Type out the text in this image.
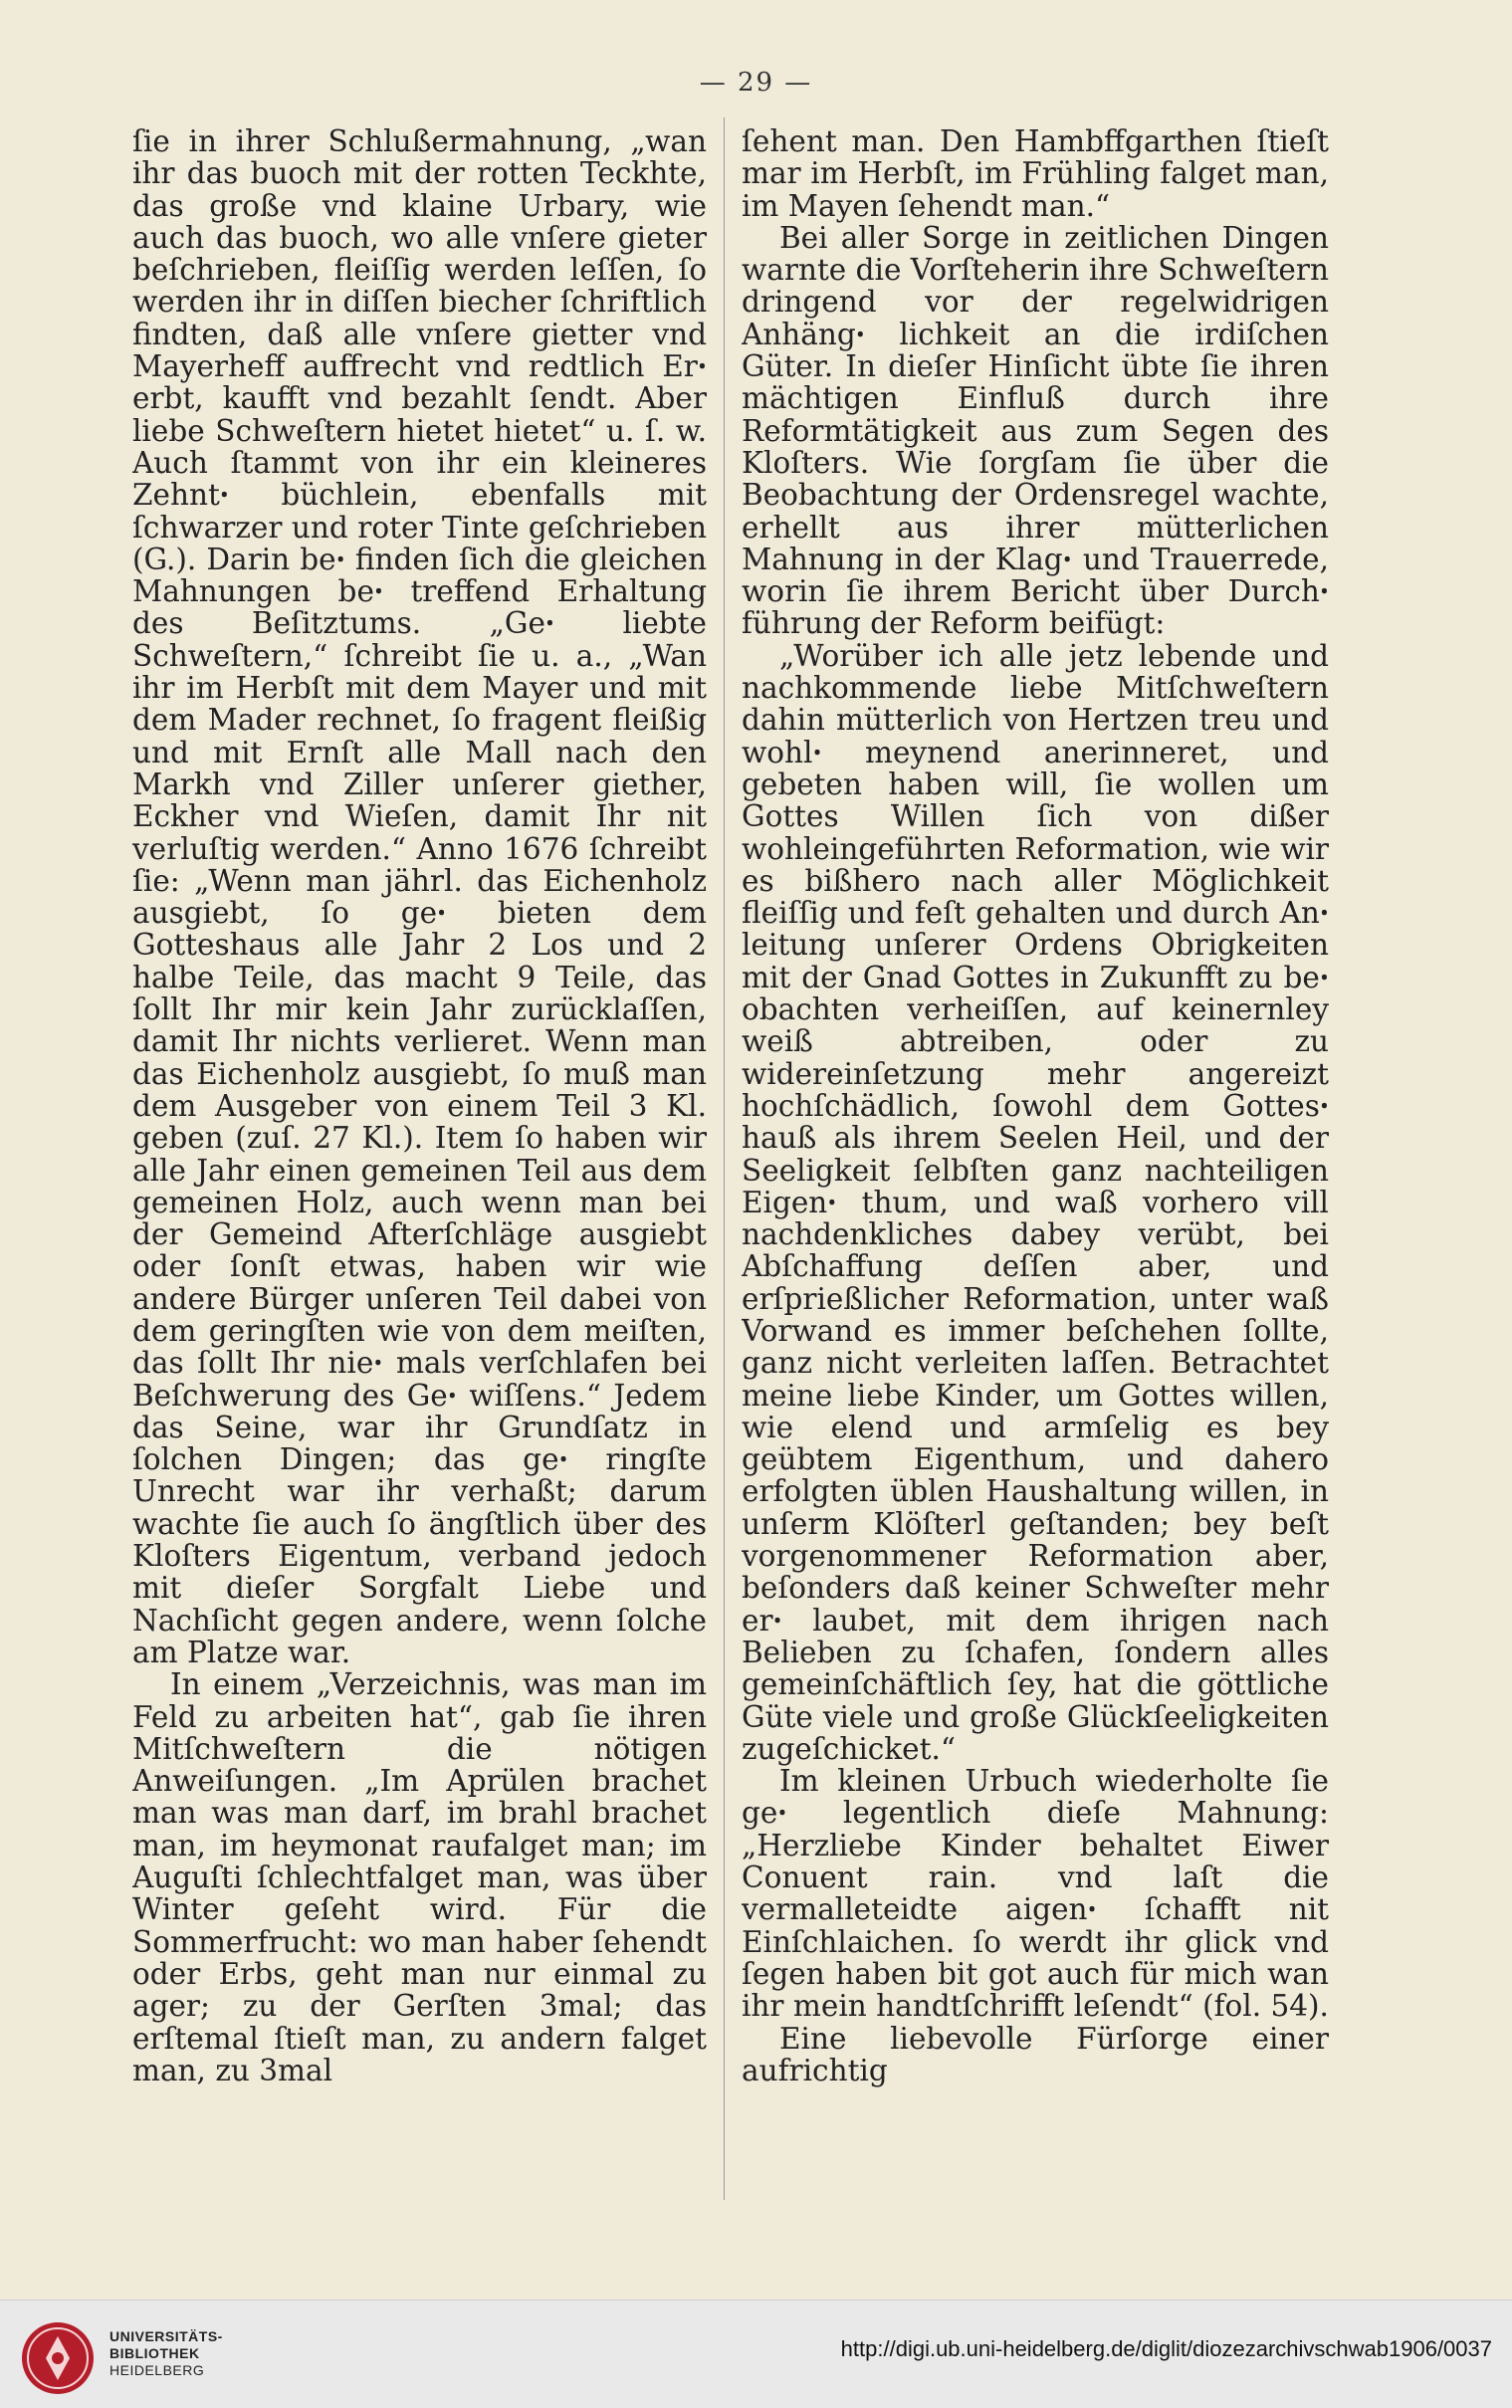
— 29 —

ſie in ihrer Schlußermahnung, „wan ihr das buoch mit der rotten Teckhte, das große vnd klaine Urbary, wie auch das buoch, wo alle vnſere gieter beſchrieben, fleiſſig werden leſſen, ſo werden ihr in diſſen biecher ſchriftlich findten, daß alle vnſere gietter vnd Mayerheff auffrecht vnd redtlich Erꞏ erbt, kaufft vnd bezahlt ſendt. Aber liebe Schweſtern hietet hietet“ u. ſ. w. Auch ſtammt von ihr ein kleineres Zehntꞏ büchlein, ebenfalls mit ſchwarzer und roter Tinte geſchrieben (G.). Darin beꞏ finden ſich die gleichen Mahnungen beꞏ treffend Erhaltung des Beſitztums. „Geꞏ liebte Schweſtern,“ ſchreibt ſie u. a., „Wan ihr im Herbſt mit dem Mayer und mit dem Mader rechnet, ſo fragent fleißig und mit Ernſt alle Mall nach den Markh vnd Ziller unſerer giether, Eckher vnd Wieſen, damit Ihr nit verluſtig werden.“ Anno 1676 ſchreibt ſie: „Wenn man jährl. das Eichenholz ausgiebt, ſo geꞏ bieten dem Gotteshaus alle Jahr 2 Los und 2 halbe Teile, das macht 9 Teile, das ſollt Ihr mir kein Jahr zurücklaſſen, damit Ihr nichts verlieret. Wenn man das Eichenholz ausgiebt, ſo muß man dem Ausgeber von einem Teil 3 Kl. geben (zuſ. 27 Kl.). Item ſo haben wir alle Jahr einen gemeinen Teil aus dem gemeinen Holz, auch wenn man bei der Gemeind Afterſchläge ausgiebt oder ſonſt etwas, haben wir wie andere Bürger unſeren Teil dabei von dem geringſten wie von dem meiſten, das ſollt Ihr nieꞏ mals verſchlafen bei Beſchwerung des Geꞏ wiſſens.“ Jedem das Seine, war ihr Grundſatz in ſolchen Dingen; das geꞏ ringſte Unrecht war ihr verhaßt; darum wachte ſie auch ſo ängſtlich über des Kloſters Eigentum, verband jedoch mit dieſer Sorgfalt Liebe und Nachſicht gegen andere, wenn ſolche am Platze war.

In einem „Verzeichnis, was man im Feld zu arbeiten hat“, gab ſie ihren Mitſchweſtern die nötigen Anweiſungen. „Im Aprülen brachet man was man darf, im brahl brachet man, im heymonat raufalget man; im Auguſti ſchlechtfalget man, was über Winter geſeht wird. Für die Sommerfrucht: wo man haber ſehendt oder Erbs, geht man nur einmal zu ager; zu der Gerſten 3mal; das erſtemal ſtieſt man, zu andern falget man, zu 3mal

ſehent man. Den Hambffgarthen ſtieſt mar im Herbſt, im Frühling falget man, im Mayen ſehendt man.“

Bei aller Sorge in zeitlichen Dingen warnte die Vorſteherin ihre Schweſtern dringend vor der regelwidrigen Anhängꞏ lichkeit an die irdiſchen Güter. In dieſer Hinſicht übte ſie ihren mächtigen Einfluß durch ihre Reformtätigkeit aus zum Segen des Kloſters. Wie ſorgſam ſie über die Beobachtung der Ordensregel wachte, erhellt aus ihrer mütterlichen Mahnung in der Klagꞏ und Trauerrede, worin ſie ihrem Bericht über Durchꞏ führung der Reform beifügt:

„Worüber ich alle jetz lebende und nachkommende liebe Mitſchweſtern dahin mütterlich von Hertzen treu und wohlꞏ meynend anerinneret, und gebeten haben will, ſie wollen um Gottes Willen ſich von dißer wohleingeführten Reformation, wie wir es bißhero nach aller Möglichkeit fleiſſig und feſt gehalten und durch Anꞏ leitung unſerer Ordens Obrigkeiten mit der Gnad Gottes in Zukunfft zu beꞏ obachten verheiſſen, auf keinernley weiß abtreiben, oder zu widereinſetzung mehr angereizt hochſchädlich, ſowohl dem Gottesꞏ hauß als ihrem Seelen Heil, und der Seeligkeit ſelbſten ganz nachteiligen Eigenꞏ thum, und waß vorhero vill nachdenkliches dabey verübt, bei Abſchaffung deſſen aber, und erſprießlicher Reformation, unter waß Vorwand es immer beſchehen ſollte, ganz nicht verleiten laſſen. Betrachtet meine liebe Kinder, um Gottes willen, wie elend und armſelig es bey geübtem Eigenthum, und dahero erfolgten üblen Haushaltung willen, in unſerm Klöſterl geſtanden; bey beſt vorgenommener Reformation aber, beſonders daß keiner Schweſter mehr erꞏ laubet, mit dem ihrigen nach Belieben zu ſchafen, ſondern alles gemeinſchäftlich ſey, hat die göttliche Güte viele und große Glückſeeligkeiten zugeſchicket.“

Im kleinen Urbuch wiederholte ſie geꞏ legentlich dieſe Mahnung: „Herzliebe Kinder behaltet Eiwer Conuent rain. vnd laſt die vermalleteidte aigenꞏ ſchafft nit Einſchlaichen. ſo werdt ihr glick vnd ſegen haben bit got auch für mich wan ihr mein handtſchrifft leſendt“ (fol. 54).

Eine liebevolle Fürſorge einer aufrichtig

UNIVERSITÄTS-
BIBLIOTHEK
HEIDELBERG
http://digi.ub.uni-heidelberg.de/diglit/diozezarchivschwab1906/0037
